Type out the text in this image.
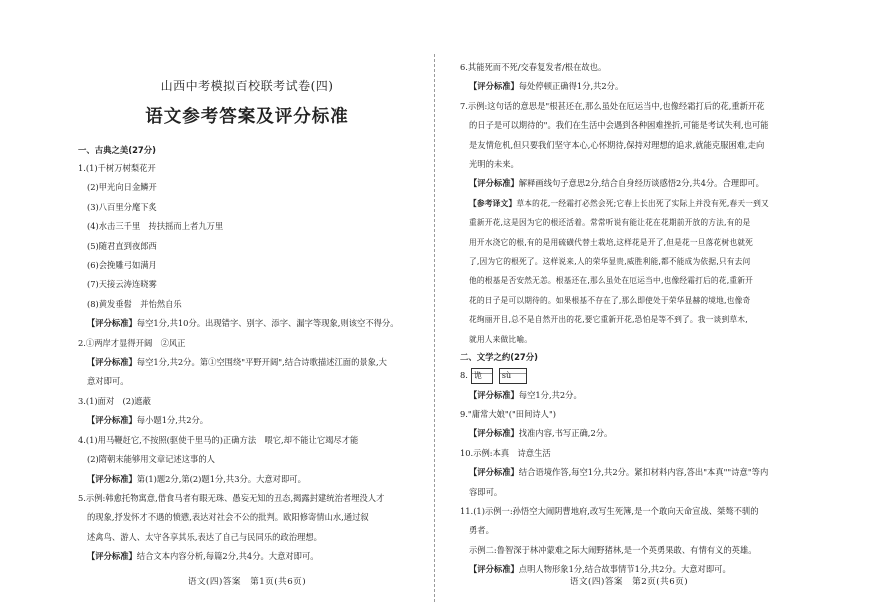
山西中考模拟百校联考试卷(四)
语文参考答案及评分标准
一、古典之美(27分)
1.(1)千树万树梨花开
(2)甲光向日金鳞开
(3)八百里分麾下炙
(4)水击三千里　抟扶摇而上者九万里
(5)随君直到夜郎西
(6)会挽雕弓如满月
(7)天接云涛连晓雾
(8)黄发垂髫　并怡然自乐
【评分标准】每空1分,共10分。出现错字、别字、添字、漏字等现象,则该空不得分。
2.①两岸才显得开阔　②风正
【评分标准】每空1分,共2分。第①空围绕"平野开阔",结合诗歌描述江面的景象,大
意对即可。
3.(1)面对　(2)遮蔽
【评分标准】每小题1分,共2分。
4.(1)用马鞭赶它,不按照(驱使千里马的)正确方法　喂它,却不能让它竭尽才能
(2)隋朝末能够用文章记述这事的人
【评分标准】第(1)题2分,第(2)题1分,共3分。大意对即可。
5.示例:韩愈托物寓意,借食马者有眼无珠、愚妄无知的丑态,揭露封建统治者埋没人才
的现象,抒发怀才不遇的愤懑,表达对社会不公的批判。欧阳修寄情山水,通过叙
述禽鸟、游人、太守各享其乐,表达了自己与民同乐的政治理想。
【评分标准】结合文本内容分析,每篇2分,共4分。大意对即可。
6.其能死而不死/交春复发者/根在故也。
【评分标准】每处停顿正确得1分,共2分。
7.示例:这句话的意思是"根甚还在,那么虽处在厄运当中,也像经霜打后的花,重新开花
的日子是可以期待的"。我们在生活中会遇到各种困难挫折,可能是考试失利,也可能
是友情危机,但只要我们坚守本心,心怀期待,保持对理想的追求,就能克服困难,走向
光明的未来。
【评分标准】解释画线句子意思2分,结合自身经历谈感悟2分,共4分。合理即可。
【参考译文】草本的花,一经霜打必然会死;它春上长出死了实际上并没有死,春天一到又
重新开花,这是因为它的根还活着。常常听说有能让花在花期前开放的方法,有的是
用开水浇它的根,有的是用硫磺代替土栽培,这样花是开了,但是花一旦落花树也就死
了,因为它的根死了。这样说来,人的荣华显贵,威胜利能,都不能成为依据,只有去问
他的根基是否安然无恙。根基还在,那么虽处在厄运当中,也像经霜打后的花,重新开
花的日子是可以期待的。如果根基不存在了,那么即使处于荣华显赫的境地,也像奇
花绚丽开目,总不是自然开出的花,要它重新开花,恐怕是等不到了。我一谈到草木,
就用人来做比喻。
二、文学之约(27分)
8. 诡	sù
【评分标准】每空1分,共2分。
9."庸常大娘"("田间诗人")
【评分标准】找准内容,书写正确,2分。
10.示例:本真　诗意生活
【评分标准】结合语境作答,每空1分,共2分。紧扣材料内容,答出"本真""诗意"等内
容即可。
11.(1)示例一:孙悟空大闹阴曹地府,改写生死簿,是一个敢向天命宣战、桀骜不驯的
勇者。
示例二:鲁智深于林冲蒙难之际大闹野猪林,是一个英勇果敢、有情有义的英雄。
【评分标准】点明人物形象1分,结合故事情节1分,共2分。大意对即可。
语文(四)答案　第1页(共6页)	语文(四)答案　第2页(共6页)
